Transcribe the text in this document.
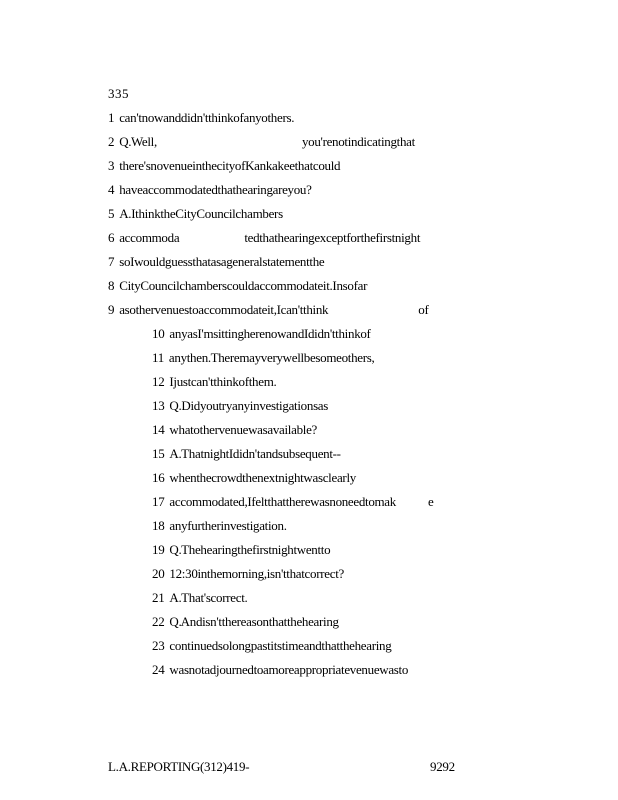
335
1 can't now and didn't think of any others.
2 Q. Well,	you're not indicating that
3 there's no venue in the city of Kankakee that could
4 have accommodated that hearing are you?
5 A. I think the City Council chambers
6 accommoda	ted that hearing except for the first night
7 so I would guess that as a general statement the
8 City Council chambers could accommodate it. Insofar
9 as other venues to accommodate it, I can't think	of
10 any as I'm sitting here now and I didn't think of
11 any then. There may very well be some others,
12 I just can't think of them.
13 Q. Did you try any investigations as
14 what other venue was available?
15 A. That night I didn't and subsequent --
16 when the crowd the next night was clearly
17 accommodated, I felt that there was no need to mak e
18 any further investigation.
19 Q. The hearing the first night went to
20 12:30 in the morning, isn't that correct?
21 A. That's correct.
22 Q. And isn't the reason that the hearing
23 continued so long past its time and that the hearing
24 was not adjourned to a more appropriate venue was to
L.A. REPORTING (312) 419-	9292
